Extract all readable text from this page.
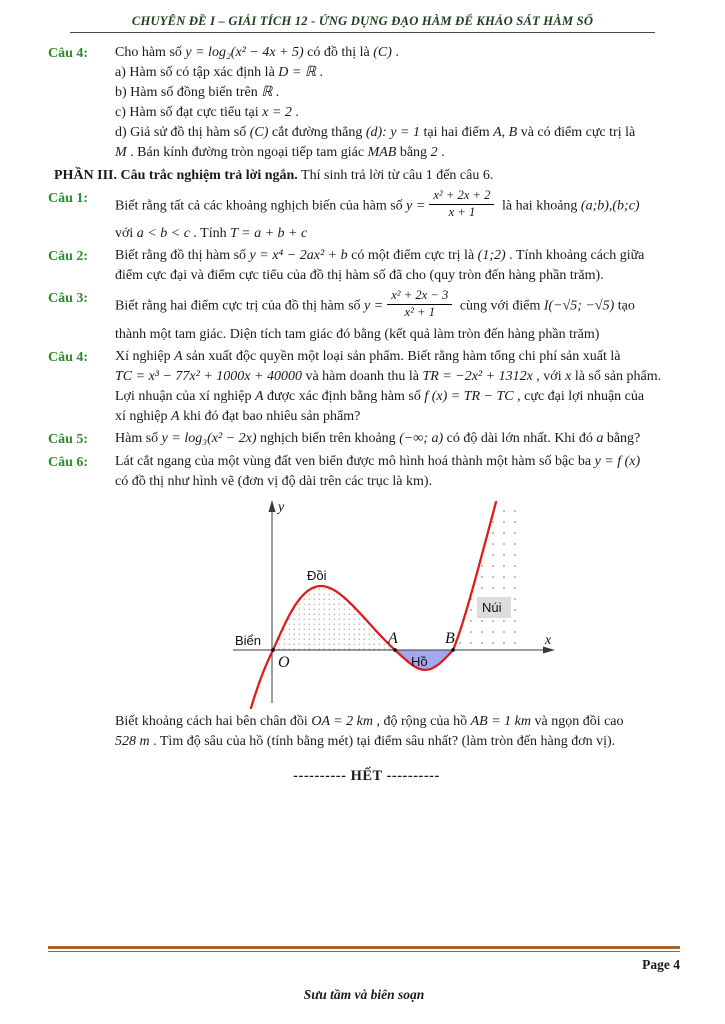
CHUYÊN ĐỀ I – GIẢI TÍCH 12 - ỨNG DỤNG ĐẠO HÀM ĐỂ KHẢO SÁT HÀM SỐ
Câu 4:	Cho hàm số y = log₂(x² − 4x + 5) có đồ thị là (C) .
a) Hàm số có tập xác định là D = ℝ .
b) Hàm số đồng biến trên ℝ .
c) Hàm số đạt cực tiểu tại x = 2 .
d) Giả sử đồ thị hàm số (C) cắt đường thẳng (d): y = 1 tại hai điểm A, B và có điểm cực trị là
M . Bán kính đường tròn ngoại tiếp tam giác MAB bằng 2 .
PHẦN III. Câu trắc nghiệm trả lời ngắn. Thí sinh trả lời từ câu 1 đến câu 6.
Câu 1:	Biết rằng tất cả các khoảng nghịch biến của hàm số $y = \frac{\text{x² + 2x + 2}}{x + 1}$ là hai khoảng (a;b),(b;c)
với a < b < c . Tính T = a + b + c
Câu 2:	Biết rằng đồ thị hàm số y = x⁴ − 2ax² + b có một điểm cực trị là (1;2) . Tính khoảng cách giữa
điểm cực đại và điểm cực tiểu của đồ thị hàm số đã cho (quy tròn đến hàng phần trăm).
Câu 3:	Biết rằng hai điểm cực trị của đồ thị hàm số $y = \frac{\text{x² + 2x − 3}}{\text{x² + 1}}$ cùng với điểm I(−√5; −√5) tạo
thành một tam giác. Diện tích tam giác đó bằng (kết quả làm tròn đến hàng phần trăm)
Câu 4:	Xí nghiệp A sản xuất độc quyền một loại sản phẩm. Biết rằng hàm tổng chi phí sản xuất là
TC = x³ − 77x² + 1000x + 40000 và hàm doanh thu là TR = −2x² + 1312x , với x là số sản phẩm.
Lợi nhuận của xí nghiệp A được xác định bằng hàm số f (x) = TR − TC , cực đại lợi nhuận của
xí nghiệp A khi đó đạt bao nhiêu sản phẩm?
Câu 5:	Hàm số y = log₃(x² − 2x) nghịch biến trên khoảng (−∞; a) có độ dài lớn nhất. Khi đó a bằng?
Câu 6:	Lát cắt ngang của một vùng đất ven biển được mô hình hoá thành một hàm số bậc ba y = f (x)
có đồ thị như hình vẽ (đơn vị độ dài trên các trục là km).
y
x
O
A	B
Đồi
Biển
Hồ
Núi
Biết khoảng cách hai bên chân đồi OA = 2 km , độ rộng của hồ AB = 1 km và ngọn đồi cao
528 m . Tìm độ sâu của hồ (tính bằng mét) tại điểm sâu nhất? (làm tròn đến hàng đơn vị).
---------- HẾT ----------
Page 4
Sưu tầm và biên soạn
